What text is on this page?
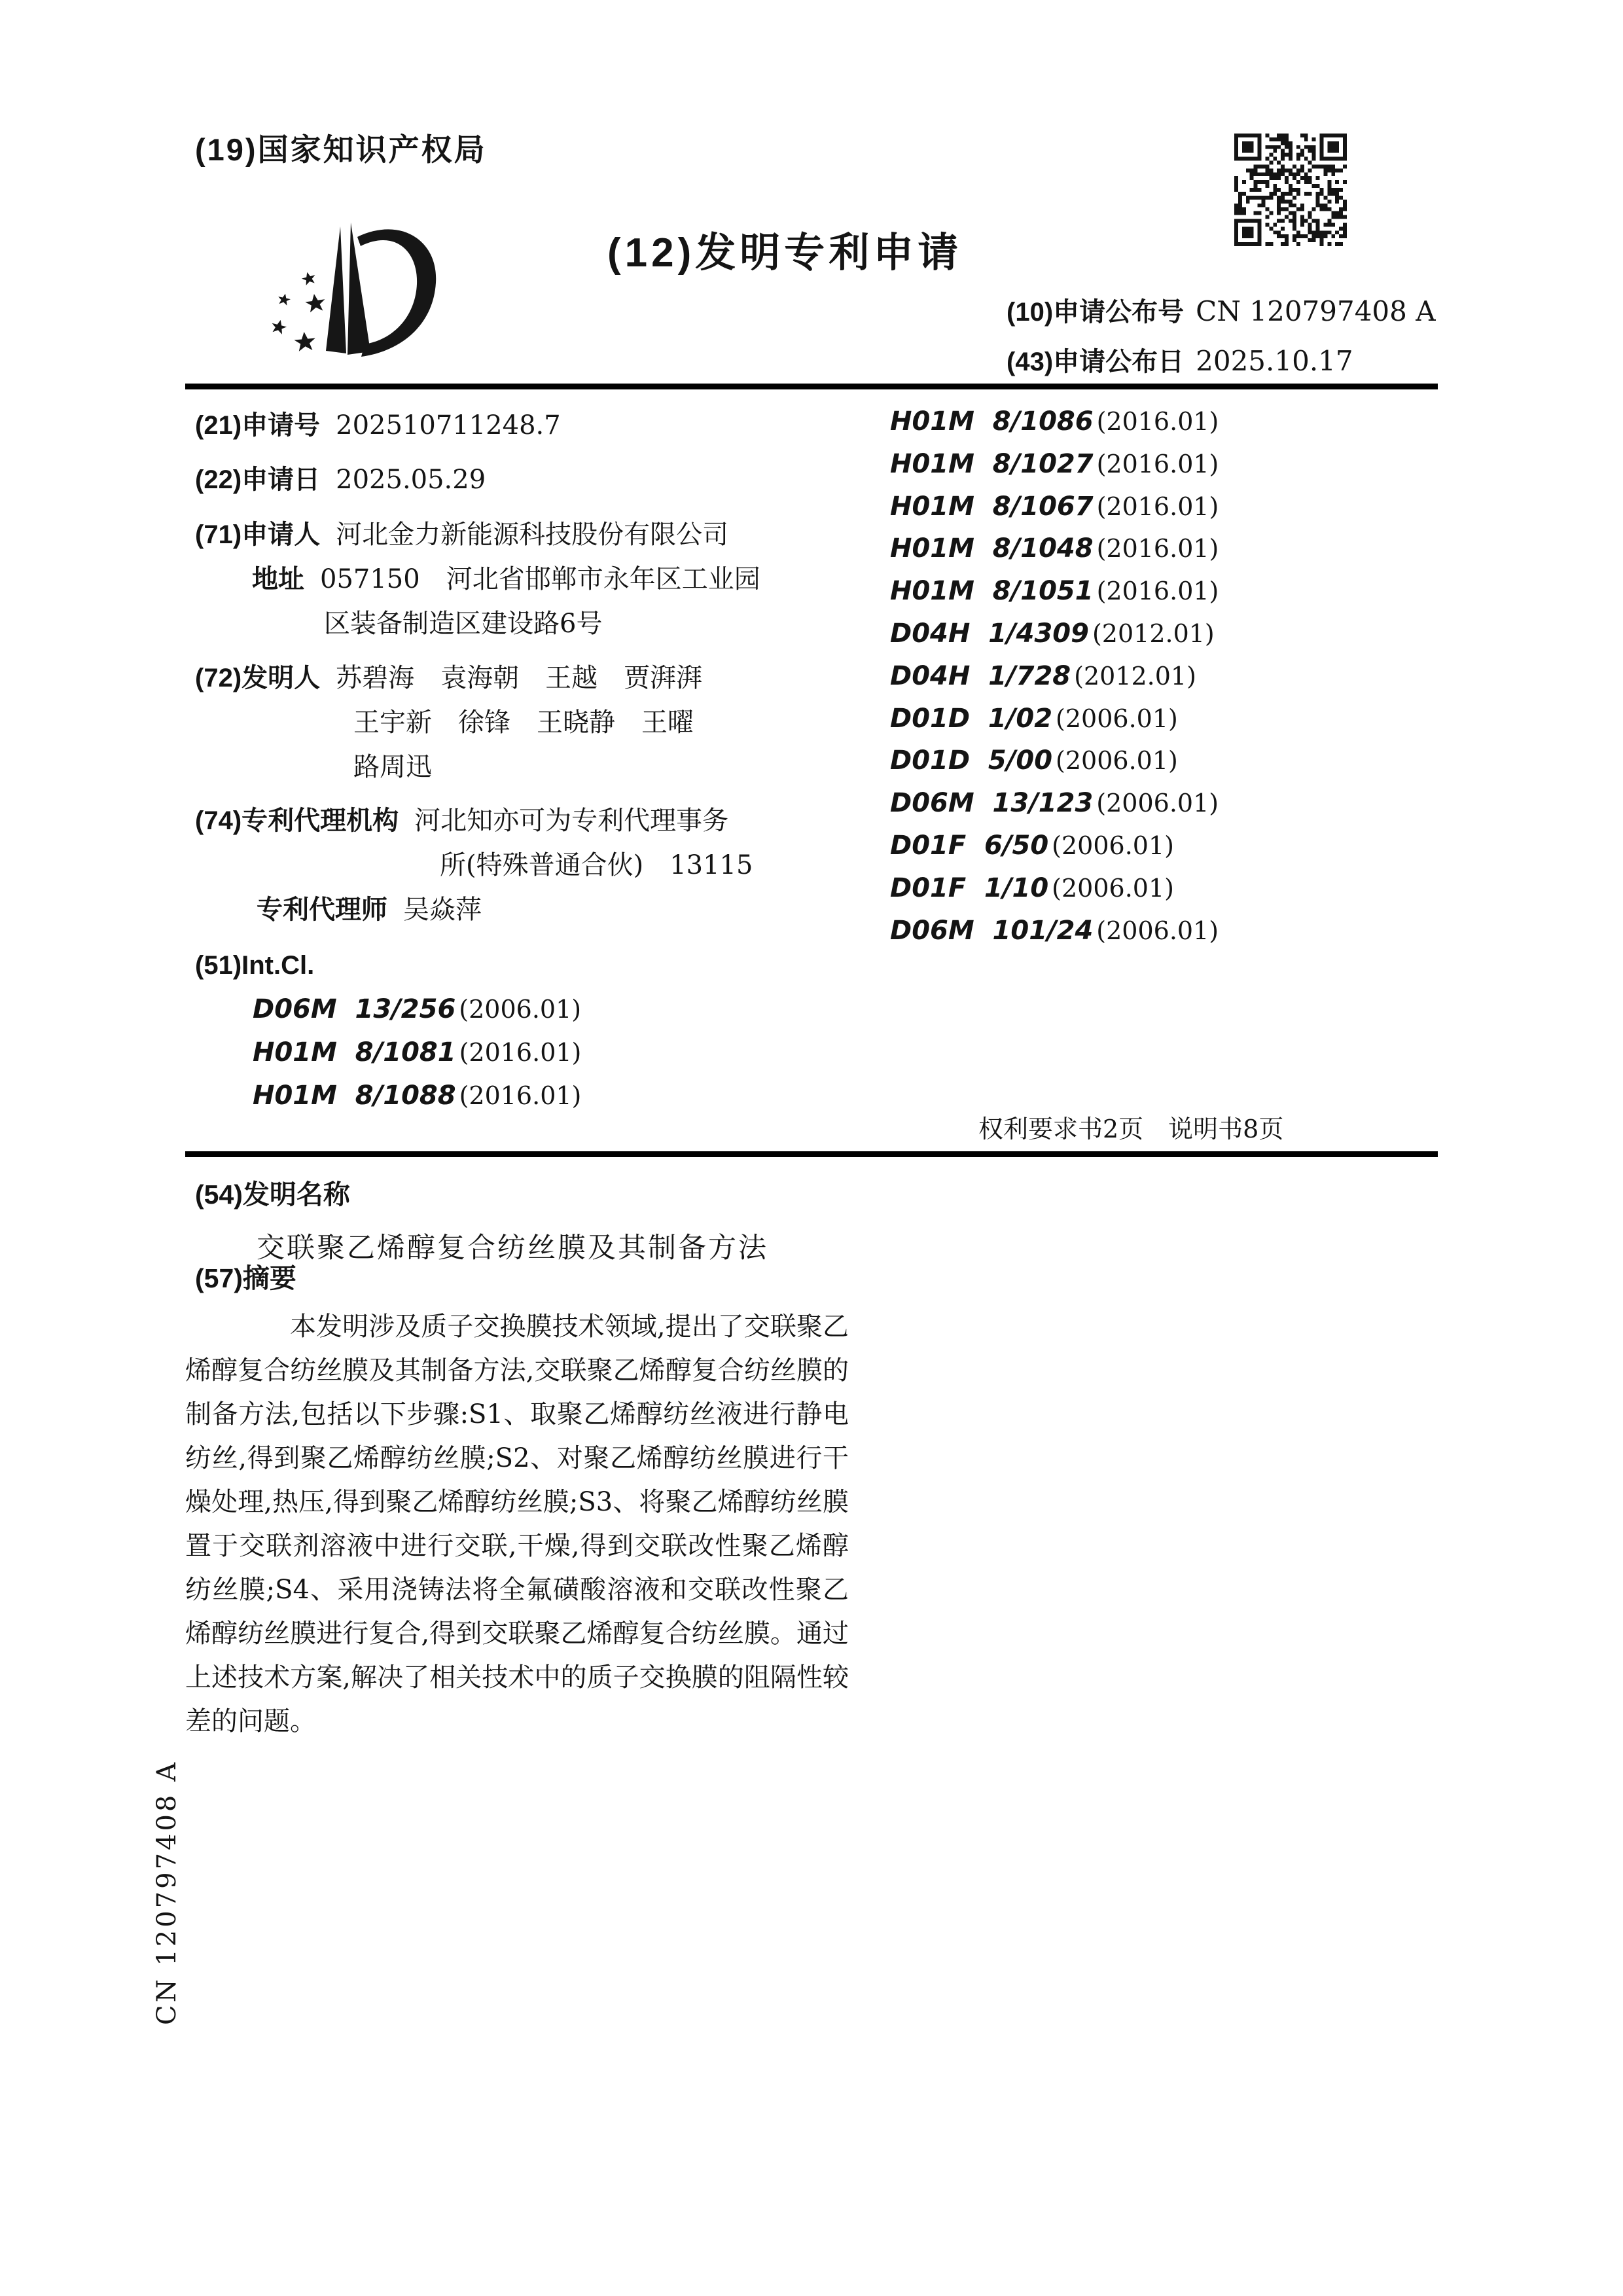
(19)国家知识产权局
(12)发明专利申请
(10)申请公布号 CN 120797408 A
(43)申请公布日 2025.10.17
(21)申请号 202510711248.7
(22)申请日 2025.05.29
(71)申请人 河北金力新能源科技股份有限公司
地址 057150　河北省邯郸市永年区工业园
区装备制造区建设路6号
(72)发明人 苏碧海　袁海朝　王越　贾湃湃
王宇新　徐锋　王晓静　王曜
路周迅
(74)专利代理机构 河北知亦可为专利代理事务
所(特殊普通合伙)　13115
专利代理师 吴焱萍
(51)Int.Cl.
D06M  13/256 (2006.01)
H01M  8/1081 (2016.01)
H01M  8/1088 (2016.01)
H01M  8/1086 (2016.01)
H01M  8/1027 (2016.01)
H01M  8/1067 (2016.01)
H01M  8/1048 (2016.01)
H01M  8/1051 (2016.01)
D04H  1/4309 (2012.01)
D04H  1/728 (2012.01)
D01D  1/02 (2006.01)
D01D  5/00 (2006.01)
D06M  13/123 (2006.01)
D01F  6/50 (2006.01)
D01F  1/10 (2006.01)
D06M  101/24 (2006.01)
权利要求书2页　说明书8页
(54)发明名称
交联聚乙烯醇复合纺丝膜及其制备方法
(57)摘要

本发明涉及质子交换膜技术领域,提出了交联聚乙烯醇复合纺丝膜及其制备方法,交联聚乙烯醇复合纺丝膜的制备方法,包括以下步骤:S1、取聚乙烯醇纺丝液进行静电纺丝,得到聚乙烯醇纺丝膜;S2、对聚乙烯醇纺丝膜进行干燥处理,热压,得到聚乙烯醇纺丝膜;S3、将聚乙烯醇纺丝膜置于交联剂溶液中进行交联,干燥,得到交联改性聚乙烯醇纺丝膜;S4、采用浇铸法将全氟磺酸溶液和交联改性聚乙烯醇纺丝膜进行复合,得到交联聚乙烯醇复合纺丝膜。通过上述技术方案,解决了相关技术中的质子交换膜的阻隔性较差的问题。

CN 120797408 A
